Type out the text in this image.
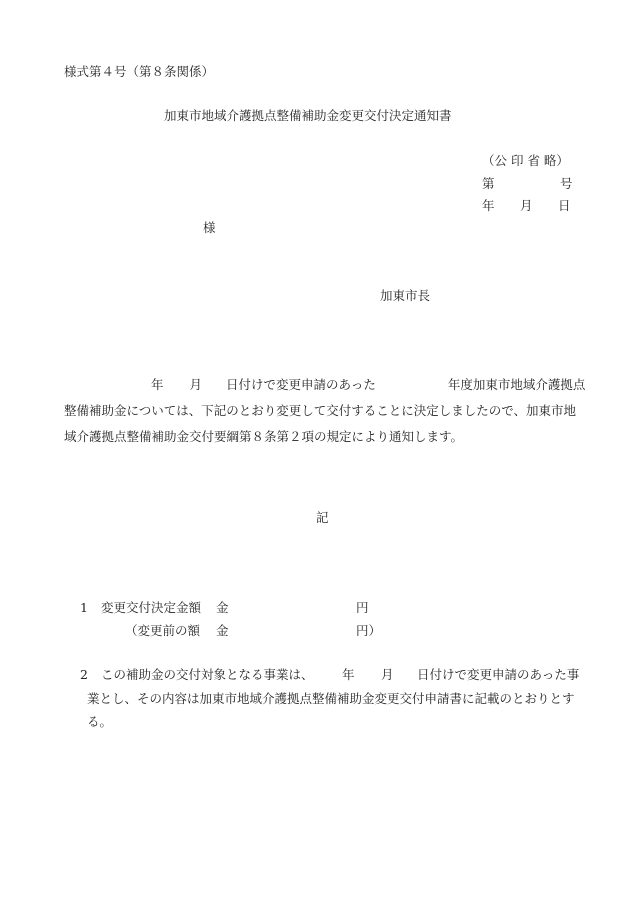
様式第４号（第８条関係）
加東市地域介護拠点整備補助金変更交付決定通知書
（公 印 省 略）
第	号
年 月 日
様
加東市長

年 月 日付けで変更申請のあった	年度加東市地域介護拠点

整備補助金については、下記のとおり変更して交付することに決定しましたので、加東市地

域介護拠点整備補助金交付要綱第８条第２項の規定により通知します。

記
1 変更交付決定金額 金	円
（変更前の額 金	円）
2 この補助金の交付対象となる事業は、 年 月 日付けで変更申請のあった事
業とし、その内容は加東市地域介護拠点整備補助金変更交付申請書に記載のとおりとす
る。
